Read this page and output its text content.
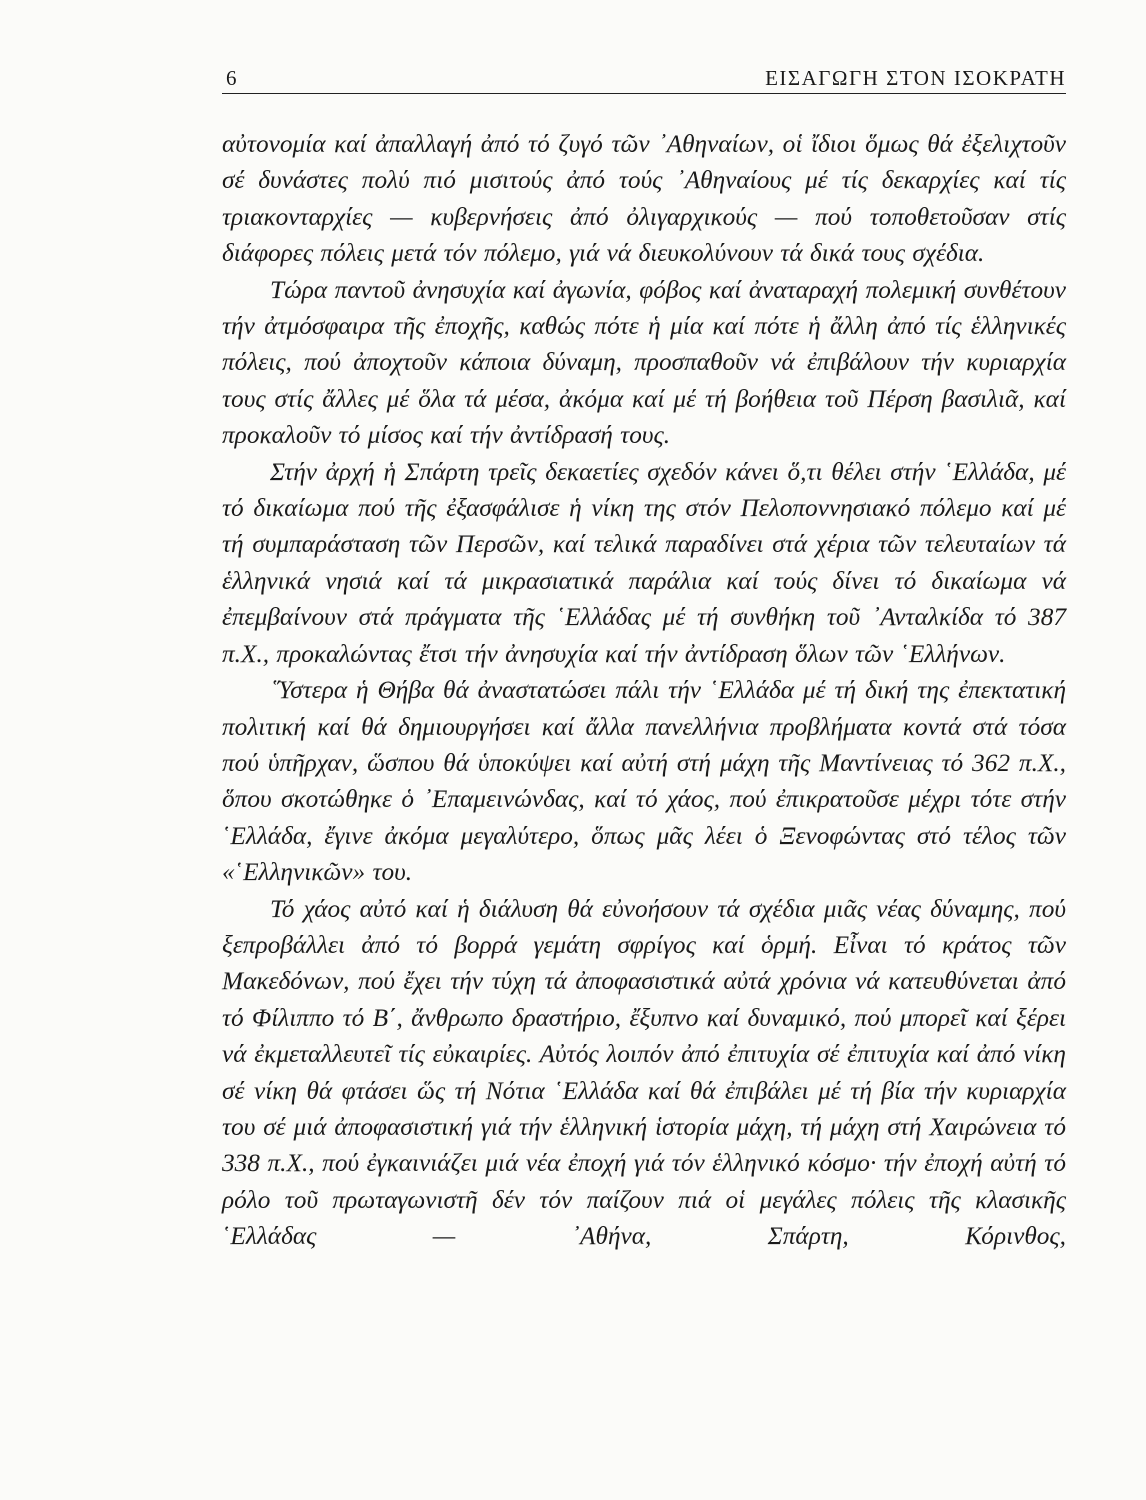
6	ΕΙΣΑΓΩΓΗ ΣΤΟΝ ΙΣΟΚΡΑΤΗ

αὐτονομία καί ἀπαλλαγή ἀπό τό ζυγό τῶν ᾿Αθηναίων, οἱ ἴδιοι ὅμως θά ἐξελιχτοῦν σέ δυνάστες πολύ πιό μισιτούς ἀπό τούς ᾿Αθηναίους μέ τίς δεκαρχίες καί τίς τριακονταρχίες — κυβερνήσεις ἀπό ὀλιγαρχικούς — πού τοποθετοῦσαν στίς διάφορες πόλεις μετά τόν πόλεμο, γιά νά διευκολύνουν τά δικά τους σχέδια.

Τώρα παντοῦ ἀνησυχία καί ἀγωνία, φόβος καί ἀναταραχή πολεμική συνθέτουν τήν ἀτμόσφαιρα τῆς ἐποχῆς, καθώς πότε ἡ μία καί πότε ἡ ἄλλη ἀπό τίς ἑλληνικές πόλεις, πού ἀποχτοῦν κάποια δύναμη, προσπαθοῦν νά ἐπιβάλουν τήν κυριαρχία τους στίς ἄλλες μέ ὅλα τά μέσα, ἀκόμα καί μέ τή βοήθεια τοῦ Πέρση βασιλιᾶ, καί προκαλοῦν τό μίσος καί τήν ἀντίδρασή τους.

Στήν ἀρχή ἡ Σπάρτη τρεῖς δεκαετίες σχεδόν κάνει ὅ,τι θέλει στήν ῾Ελλάδα, μέ τό δικαίωμα πού τῆς ἐξασφάλισε ἡ νίκη της στόν Πελοποννησιακό πόλεμο καί μέ τή συμπαράσταση τῶν Περσῶν, καί τελικά παραδίνει στά χέρια τῶν τελευταίων τά ἑλληνικά νησιά καί τά μικρασιατικά παράλια καί τούς δίνει τό δικαίωμα νά ἐπεμβαίνουν στά πράγματα τῆς ῾Ελλάδας μέ τή συνθήκη τοῦ ᾿Ανταλκίδα τό 387 π.Χ., προκαλώντας ἔτσι τήν ἀνησυχία καί τήν ἀντίδραση ὅλων τῶν ῾Ελλήνων.

῞Υστερα ἡ Θήβα θά ἀναστατώσει πάλι τήν ῾Ελλάδα μέ τή δική της ἐπεκτατική πολιτική καί θά δημιουργήσει καί ἄλλα πανελλήνια προβλήματα κοντά στά τόσα πού ὑπῆρχαν, ὥσπου θά ὑποκύψει καί αὐτή στή μάχη τῆς Μαντίνειας τό 362 π.Χ., ὅπου σκοτώθηκε ὁ ᾿Επαμεινώνδας, καί τό χάος, πού ἐπικρατοῦσε μέχρι τότε στήν ῾Ελλάδα, ἔγινε ἀκόμα μεγαλύτερο, ὅπως μᾶς λέει ὁ Ξενοφώντας στό τέλος τῶν «῾Ελληνικῶν» του.

Τό χάος αὐτό καί ἡ διάλυση θά εὐνοήσουν τά σχέδια μιᾶς νέας δύναμης, πού ξεπροβάλλει ἀπό τό βορρά γεμάτη σφρίγος καί ὁρμή. Εἶναι τό κράτος τῶν Μακεδόνων, πού ἔχει τήν τύχη τά ἀποφασιστικά αὐτά χρόνια νά κατευθύνεται ἀπό τό Φίλιππο τό Β΄, ἄνθρωπο δραστήριο, ἔξυπνο καί δυναμικό, πού μπορεῖ καί ξέρει νά ἐκμεταλλευτεῖ τίς εὐκαιρίες. Αὐτός λοιπόν ἀπό ἐπιτυχία σέ ἐπιτυχία καί ἀπό νίκη σέ νίκη θά φτάσει ὥς τή Νότια ῾Ελλάδα καί θά ἐπιβάλει μέ τή βία τήν κυριαρχία του σέ μιά ἀποφασιστική γιά τήν ἑλληνική ἱστορία μάχη, τή μάχη στή Χαιρώνεια τό 338 π.Χ., πού ἐγκαινιάζει μιά νέα ἐποχή γιά τόν ἑλληνικό κόσμο· τήν ἐποχή αὐτή τό ρόλο τοῦ πρωταγωνιστῆ δέν τόν παίζουν πιά οἱ μεγάλες πόλεις τῆς κλασικῆς ῾Ελλάδας — ᾿Αθήνα, Σπάρτη, Κόρινθος,
